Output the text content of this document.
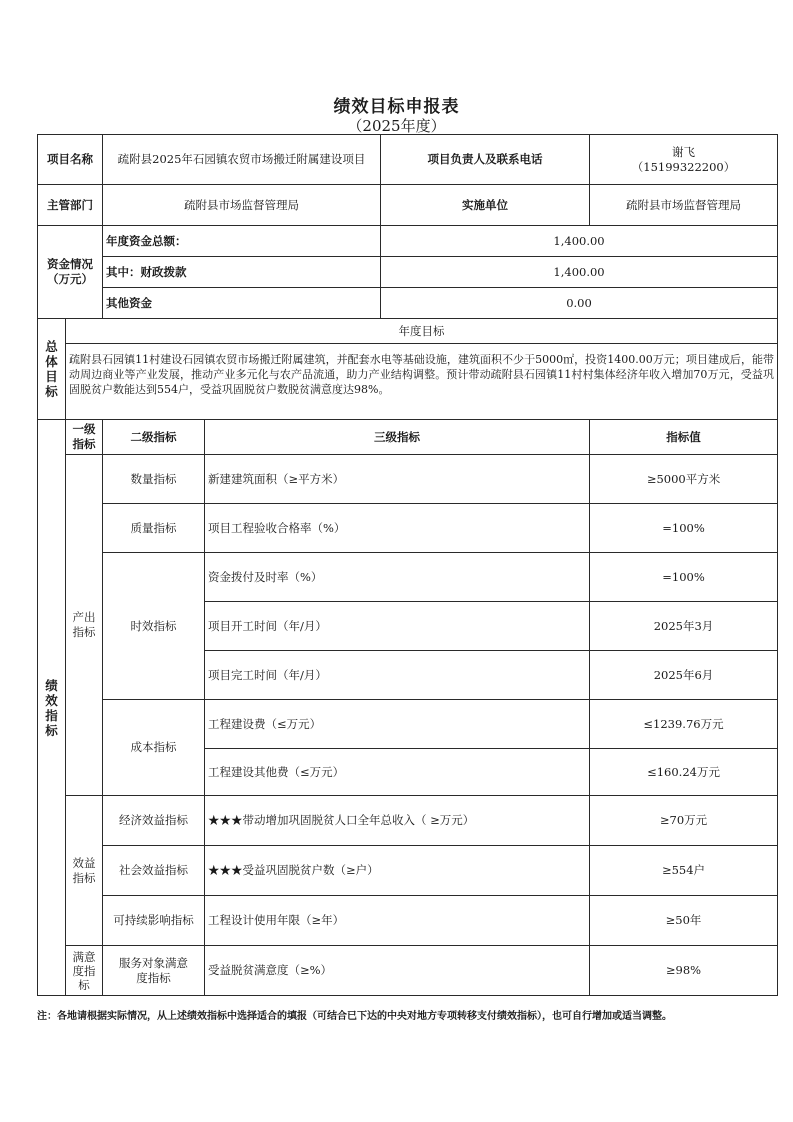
绩效目标申报表
（2025年度）
项目名称		疏附县2025年石园镇农贸市场搬迁附属建设项目		项目负责人及联系电话	谢飞
（15199322200）

主管部门		疏附县市场监督管理局		实施单位	疏附县市场监督管理局

资金情况
（万元）		年度资金总额：		1,400.00	
		其中：财政拨款		1,400.00	
		其他资金		0.00	

总
体
目
标	年度目标				
	疏附县石园镇11村建设石园镇农贸市场搬迁附属建筑，并配套水电等基础设施，建筑面积不少于5000㎡，投资1400.00万元；项目建成后，能带动周边商业等产业发展，推动产业多元化与农产品流通，助力产业结构调整。预计带动疏附县石园镇11村村集体经济年收入增加70万元，受益巩固脱贫户数能达到554户，受益巩固脱贫户数脱贫满意度达98%。				

绩
效
指
标	一级指标	二级指标	三级指标		指标值
	产出指标	数量指标	新建建筑面积（≥平方米）		≥5000平方米
		质量指标	项目工程验收合格率（%）		=100%
		时效指标	资金拨付及时率（%）		=100%
			项目开工时间（年/月）		2025年3月
			项目完工时间（年/月）		2025年6月
		成本指标	工程建设费（≤万元）		≤1239.76万元
			工程建设其他费（≤万元）		≤160.24万元
	效益指标	经济效益指标	★★★带动增加巩固脱贫人口全年总收入（ ≥万元）		≥70万元
		社会效益指标	★★★受益巩固脱贫户数（≥户）		≥554户
		可持续影响指标	工程设计使用年限（≥年）		≥50年
	满意度指标	服务对象满意度指标	受益脱贫满意度（≥%）		≥98%
注：各地请根据实际情况，从上述绩效指标中选择适合的填报（可结合已下达的中央对地方专项转移支付绩效指标），也可自行增加或适当调整。
